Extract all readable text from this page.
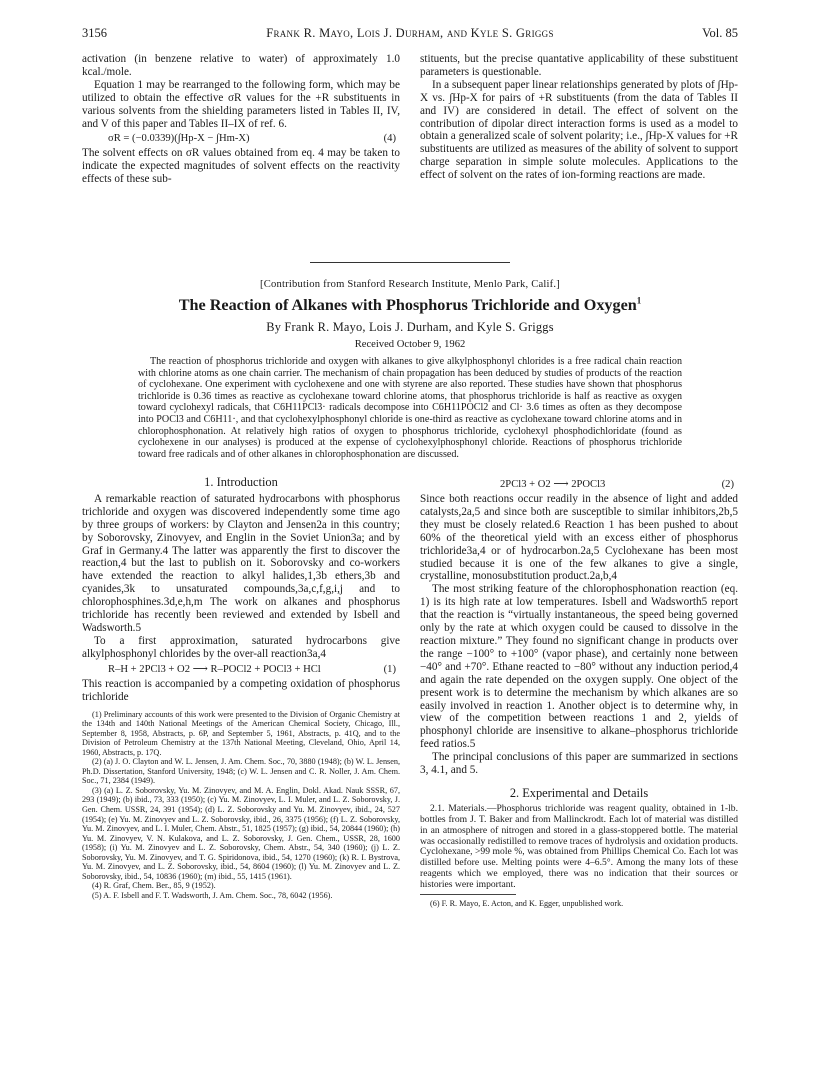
3156	Frank R. Mayo, Lois J. Durham, and Kyle S. Griggs	Vol. 85

activation (in benzene relative to water) of approximately 1.0 kcal./mole.

Equation 1 may be rearranged to the following form, which may be utilized to obtain the effective σR values for the +R substituents in various solvents from the shielding parameters listed in Tables II, IV, and V of this paper and Tables II–IX of ref. 6.

σR = (−0.0339)(∫Hp-X − ∫Hm-X)	(4)

The solvent effects on σR values obtained from eq. 4 may be taken to indicate the expected magnitudes of solvent effects on the reactivity effects of these sub-

stituents, but the precise quantative applicability of these substituent parameters is questionable.

In a subsequent paper linear relationships generated by plots of ∫Hp-X vs. ∫Hp-X for pairs of +R substituents (from the data of Tables II and IV) are considered in detail. The effect of solvent on the contribution of dipolar direct interaction forms is used as a model to obtain a generalized scale of solvent polarity; i.e., ∫Hp-X values for +R substituents are utilized as measures of the ability of solvent to support charge separation in simple solute molecules. Applications to the effect of solvent on the rates of ion-forming reactions are made.

[Contribution from Stanford Research Institute, Menlo Park, Calif.]
The Reaction of Alkanes with Phosphorus Trichloride and Oxygen$^1$
By Frank R. Mayo, Lois J. Durham, and Kyle S. Griggs
Received October 9, 1962

The reaction of phosphorus trichloride and oxygen with alkanes to give alkylphosphonyl chlorides is a free radical chain reaction with chlorine atoms as one chain carrier. The mechanism of chain propagation has been deduced by studies of products of the reaction of cyclohexane. One experiment with cyclohexene and one with styrene are also reported. These studies have shown that phosphorus trichloride is 0.36 times as reactive as cyclohexane toward chlorine atoms, that phosphorus trichloride is half as reactive as oxygen toward cyclohexyl radicals, that C6H11PCl3· radicals decompose into C6H11POCl2 and Cl· 3.6 times as often as they decompose into POCl3 and C6H11·, and that cyclohexylphosphonyl chloride is one-third as reactive as cyclohexane toward chlorine atoms and in chlorophosphonation. At relatively high ratios of oxygen to phosphorus trichloride, cyclohexyl phosphodichloridate (found as cyclohexene in our analyses) is produced at the expense of cyclohexylphosphonyl chloride. Reactions of phosphorus trichloride toward free radicals and of other alkanes in chlorophosphonation are discussed.

1. Introduction

A remarkable reaction of saturated hydrocarbons with phosphorus trichloride and oxygen was discovered independently some time ago by three groups of workers: by Clayton and Jensen2a in this country; by Soborovsky, Zinovyev, and Englin in the Soviet Union3a; and by Graf in Germany.4 The latter was apparently the first to discover the reaction,4 but the last to publish on it. Soborovsky and co-workers have extended the reaction to alkyl halides,1,3b ethers,3b and cyanides,3k to unsaturated compounds,3a,c,f,g,i,j and to chlorophosphines.3d,e,h,m The work on alkanes and phosphorus trichloride has recently been reviewed and extended by Isbell and Wadsworth.5

To a first approximation, saturated hydrocarbons give alkylphosphonyl chlorides by the over-all reaction3a,4

R–H + 2PCl3 + O2 ⟶ R–POCl2 + POCl3 + HCl	(1)

This reaction is accompanied by a competing oxidation of phosphorus trichloride

(1) Preliminary accounts of this work were presented to the Division of Organic Chemistry at the 134th and 140th National Meetings of the American Chemical Society, Chicago, Ill., September 8, 1958, Abstracts, p. 6P, and September 5, 1961, Abstracts, p. 41Q, and to the Division of Petroleum Chemistry at the 137th National Meeting, Cleveland, Ohio, April 14, 1960, Abstracts, p. 17Q.

(2) (a) J. O. Clayton and W. L. Jensen, J. Am. Chem. Soc., 70, 3880 (1948); (b) W. L. Jensen, Ph.D. Dissertation, Stanford University, 1948; (c) W. L. Jensen and C. R. Noller, J. Am. Chem. Soc., 71, 2384 (1949).

(3) (a) L. Z. Soborovsky, Yu. M. Zinovyev, and M. A. Englin, Dokl. Akad. Nauk SSSR, 67, 293 (1949); (b) ibid., 73, 333 (1950); (c) Yu. M. Zinovyev, L. I. Muler, and L. Z. Soborovsky, J. Gen. Chem. USSR, 24, 391 (1954); (d) L. Z. Soborovsky and Yu. M. Zinovyev, ibid., 24, 527 (1954); (e) Yu. M. Zinovyev and L. Z. Soborovsky, ibid., 26, 3375 (1956); (f) L. Z. Soborovsky, Yu. M. Zinovyev, and L. I. Muler, Chem. Abstr., 51, 1825 (1957); (g) ibid., 54, 20844 (1960); (h) Yu. M. Zinovyev, V. N. Kulakova, and L. Z. Soborovsky, J. Gen. Chem., USSR, 28, 1600 (1958); (i) Yu. M. Zinovyev and L. Z. Soborovsky, Chem. Abstr., 54, 340 (1960); (j) L. Z. Soborovsky, Yu. M. Zinovyev, and T. G. Spiridonova, ibid., 54, 1270 (1960); (k) R. I. Bystrova, Yu. M. Zinovyev, and L. Z. Soborovsky, ibid., 54, 8604 (1960); (l) Yu. M. Zinovyev and L. Z. Soborovsky, ibid., 54, 10836 (1960); (m) ibid., 55, 1415 (1961).

(4) R. Graf, Chem. Ber., 85, 9 (1952).

(5) A. F. Isbell and F. T. Wadsworth, J. Am. Chem. Soc., 78, 6042 (1956).

2PCl3 + O2 ⟶ 2POCl3	(2)

Since both reactions occur readily in the absence of light and added catalysts,2a,5 and since both are susceptible to similar inhibitors,2b,5 they must be closely related.6 Reaction 1 has been pushed to about 60% of the theoretical yield with an excess either of phosphorus trichloride3a,4 or of hydrocarbon.2a,5 Cyclohexane has been most studied because it is one of the few alkanes to give a single, crystalline, monosubstitution product.2a,b,4

The most striking feature of the chlorophosphonation reaction (eq. 1) is its high rate at low temperatures. Isbell and Wadsworth5 report that the reaction is “virtually instantaneous, the speed being governed only by the rate at which oxygen could be caused to dissolve in the reaction mixture.” They found no significant change in products over the range −100° to +100° (vapor phase), and certainly none between −40° and +70°. Ethane reacted to −80° without any induction period,4 and again the rate depended on the oxygen supply. One object of the present work is to determine the mechanism by which alkanes are so easily involved in reaction 1. Another object is to determine why, in view of the competition between reactions 1 and 2, yields of phosphonyl chloride are insensitive to alkane–phosphorus trichloride feed ratios.5

The principal conclusions of this paper are summarized in sections 3, 4.1, and 5.

2. Experimental and Details

2.1. Materials.—Phosphorus trichloride was reagent quality, obtained in 1-lb. bottles from J. T. Baker and from Mallinckrodt. Each lot of material was distilled in an atmosphere of nitrogen and stored in a glass-stoppered bottle. The material was occasionally redistilled to remove traces of hydrolysis and oxidation products. Cyclohexane, >99 mole %, was obtained from Phillips Chemical Co. Each lot was distilled before use. Melting points were 4–6.5°. Among the many lots of these reagents which we employed, there was no indication that their sources or histories were important.

(6) F. R. Mayo, E. Acton, and K. Egger, unpublished work.
